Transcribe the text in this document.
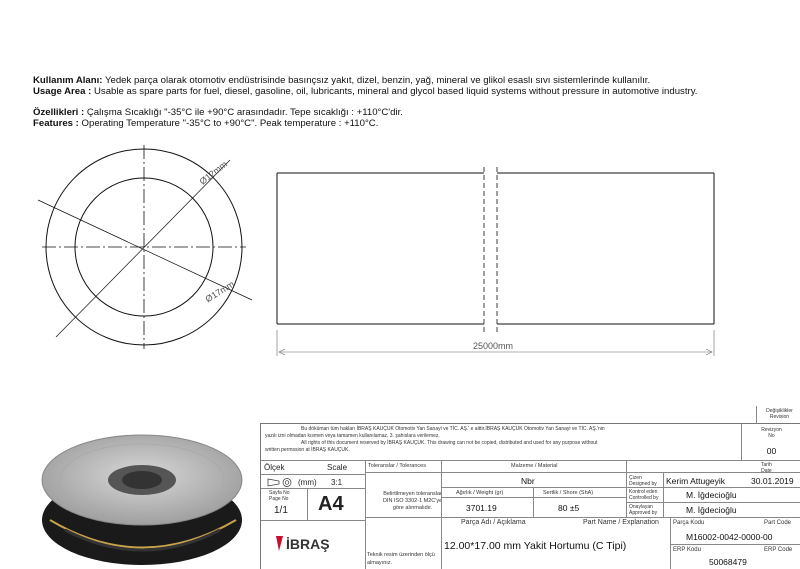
Kullanım Alanı: Yedek parça olarak otomotiv endüstrisinde basınçsız yakıt, dizel, benzin, yağ, mineral ve glikol esaslı sıvı sistemlerinde kullanılır.
Usage Area : Usable as spare parts for fuel, diesel, gasoline, oil, lubricants, mineral and glycol based liquid systems without pressure in automotive industry.
Özellikleri : Çalışma Sıcaklığı "-35°C ile +90°C arasındadır. Tepe sıcaklığı : +110°C'dir.
Features : Operating Temperature "-35°C to +90°C". Peak temperature : +110°C.
Ø12mm
Ø17mm
25000mm
Değişiklikler
Revision
Bu döküman tüm hakları İBRAŞ KAUÇUK Otomotiv Yan Sanayi ve TİC. AŞ.' e aittir.İBRAŞ KAUÇUK Otomotiv Yan Sanayi ve TİC. AŞ.'nin
yazılı izni olmadan kısmen veya tamamen kullanılamaz, 3. şahıslara verilemez.
All rights of this document reserved by İBRAŞ KAUÇUK. This drawing can not be copied, distributed and used for any purpose without
written permssion at İBRAŞ KAUÇUK.
Revizyon
No
00
Ölçek	Scale
(mm) 3:1
Sayfa No
Page No
1/1 A4
İBRAŞ
Toleranslar / Tolerances
Belirtilmeyen toleranslar
DIN ISO 3302-1 M2C'ye
göre alınmalıdır.
Malzeme / Material
Nbr
Ağırlık / Weight (gr)	Sertlik / Shore (ShA)
3701.19	80 ±5
Çizen
Designed by Kerim Attugeyik	30.01.2019
Tarih
Date
Kontrol eden
Controlled by	M. İğdecioğlu
Onaylayan
Approved by	M. İğdecioğlu
Parça Adı / Açıklama	Part Name / Explanation
12.00*17.00 mm Yakit Hortumu (C Tipi)
Parça Kodu	Part Code
M16002-0042-0000-00
ERP Kodu	ERP Code
50068479
Teknik resim üzerinden ölçü
almayınız.
